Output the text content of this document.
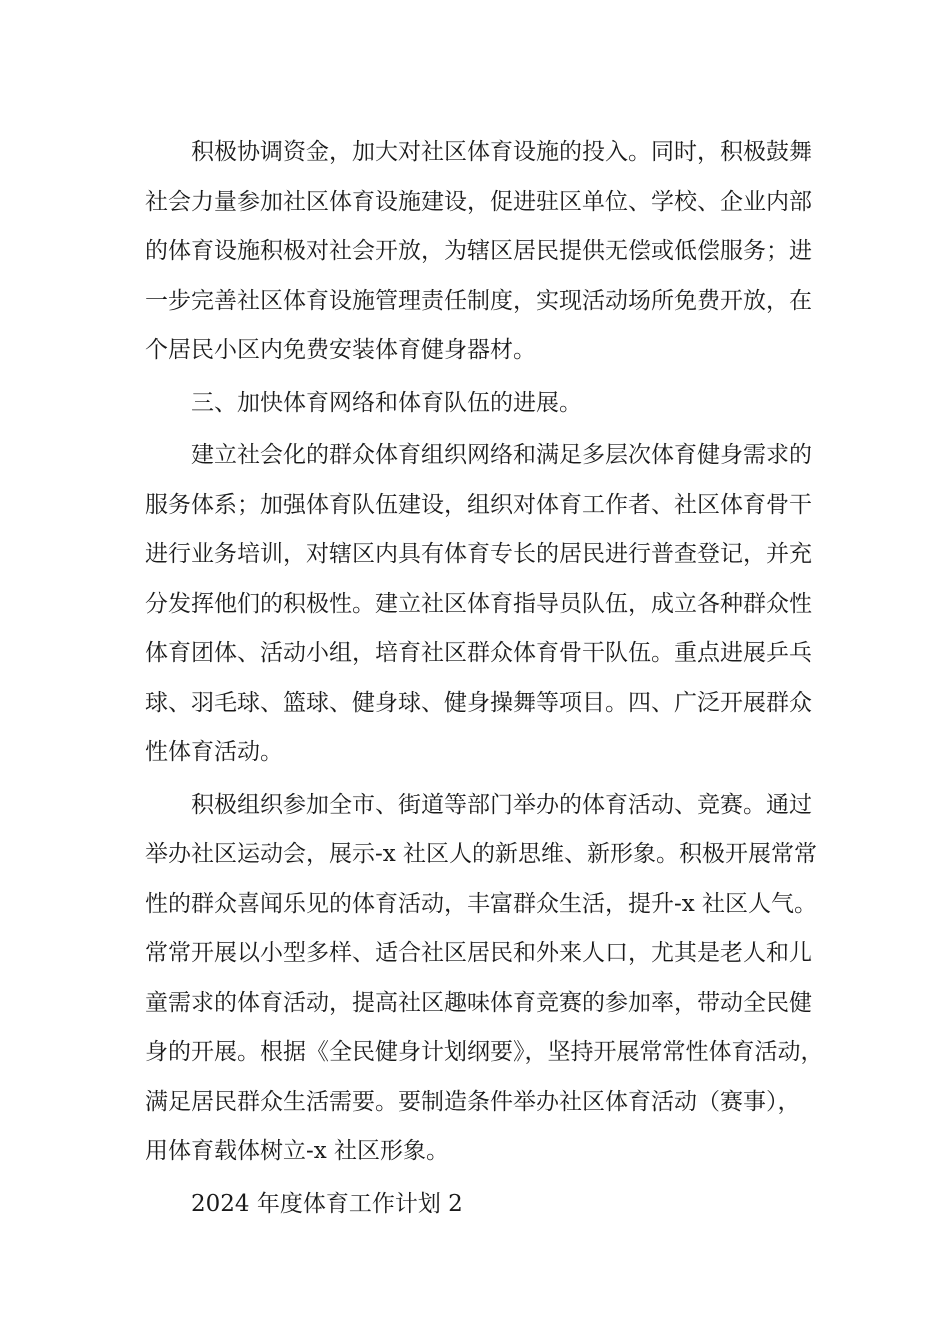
积极协调资金，加大对社区体育设施的投入。同时，积极鼓舞
社会力量参加社区体育设施建设，促进驻区单位、学校、企业内部
的体育设施积极对社会开放，为辖区居民提供无偿或低偿服务；进
一步完善社区体育设施管理责任制度，实现活动场所免费开放，在
个居民小区内免费安装体育健身器材。
三、加快体育网络和体育队伍的进展。
建立社会化的群众体育组织网络和满足多层次体育健身需求的
服务体系；加强体育队伍建设，组织对体育工作者、社区体育骨干
进行业务培训，对辖区内具有体育专长的居民进行普查登记，并充
分发挥他们的积极性。建立社区体育指导员队伍，成立各种群众性
体育团体、活动小组，培育社区群众体育骨干队伍。重点进展乒乓
球、羽毛球、篮球、健身球、健身操舞等项目。四、广泛开展群众
性体育活动。
积极组织参加全市、街道等部门举办的体育活动、竞赛。通过
举办社区运动会，展示-x 社区人的新思维、新形象。积极开展常常
性的群众喜闻乐见的体育活动，丰富群众生活，提升-x 社区人气。
常常开展以小型多样、适合社区居民和外来人口，尤其是老人和儿
童需求的体育活动，提高社区趣味体育竞赛的参加率，带动全民健
身的开展。根据《全民健身计划纲要》，坚持开展常常性体育活动，
满足居民群众生活需要。要制造条件举办社区体育活动（赛事），
用体育载体树立-x 社区形象。
2024 年度体育工作计划 2
